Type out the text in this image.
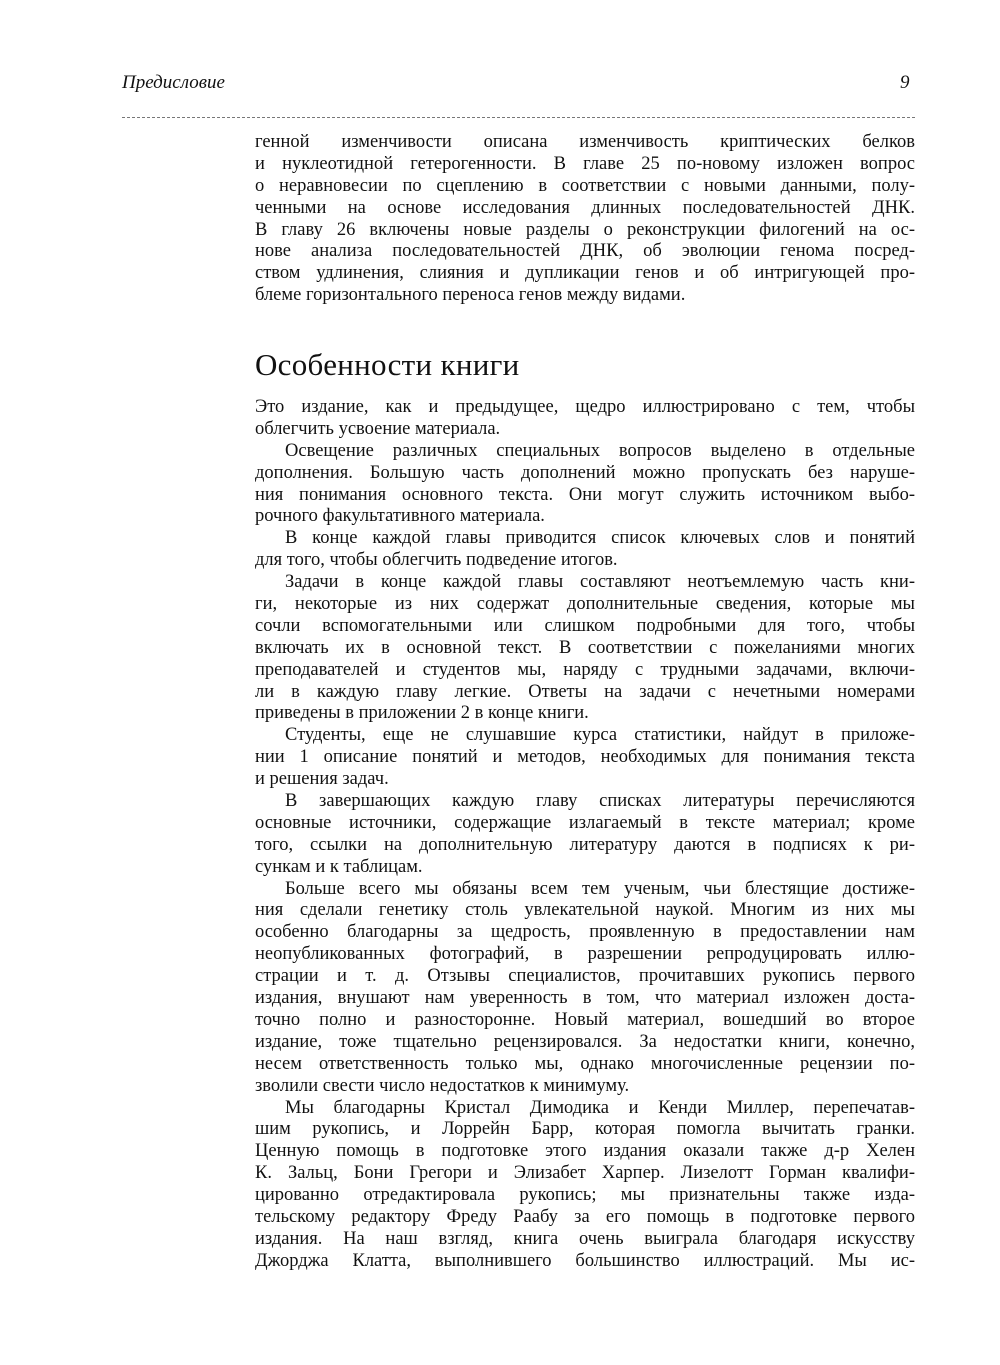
Предисловие	9
генной изменчивости описана изменчивость криптических белков
и нуклеотидной гетерогенности. В главе 25 по-новому изложен вопрос
о неравновесии по сцеплению в соответствии с новыми данными, полу-
ченными на основе исследования длинных последовательностей ДНК.
В главу 26 включены новые разделы о реконструкции филогений на ос-
нове анализа последовательностей ДНК, об эволюции генома посред-
ством удлинения, слияния и дупликации генов и об интригующей про-
блеме горизонтального переноса генов между видами.
Особенности книги
Это издание, как и предыдущее, щедро иллюстрировано с тем, чтобы
облегчить усвоение материала.
Освещение различных специальных вопросов выделено в отдельные
дополнения. Большую часть дополнений можно пропускать без наруше-
ния понимания основного текста. Они могут служить источником выбо-
рочного факультативного материала.
В конце каждой главы приводится список ключевых слов и понятий
для того, чтобы облегчить подведение итогов.
Задачи в конце каждой главы составляют неотъемлемую часть кни-
ги, некоторые из них содержат дополнительные сведения, которые мы
сочли вспомогательными или слишком подробными для того, чтобы
включать их в основной текст. В соответствии с пожеланиями многих
преподавателей и студентов мы, наряду с трудными задачами, включи-
ли в каждую главу легкие. Ответы на задачи с нечетными номерами
приведены в приложении 2 в конце книги.
Студенты, еще не слушавшие курса статистики, найдут в приложе-
нии 1 описание понятий и методов, необходимых для понимания текста
и решения задач.
В завершающих каждую главу списках литературы перечисляются
основные источники, содержащие излагаемый в тексте материал; кроме
того, ссылки на дополнительную литературу даются в подписях к ри-
сункам и к таблицам.
Больше всего мы обязаны всем тем ученым, чьи блестящие достиже-
ния сделали генетику столь увлекательной наукой. Многим из них мы
особенно благодарны за щедрость, проявленную в предоставлении нам
неопубликованных фотографий, в разрешении репродуцировать иллю-
страции и т. д. Отзывы специалистов, прочитавших рукопись первого
издания, внушают нам уверенность в том, что материал изложен доста-
точно полно и разносторонне. Новый материал, вошедший во второе
издание, тоже тщательно рецензировался. За недостатки книги, конечно,
несем ответственность только мы, однако многочисленные рецензии по-
зволили свести число недостатков к минимуму.
Мы благодарны Кристал Димодика и Кенди Миллер, перепечатав-
шим рукопись, и Лоррейн Барр, которая помогла вычитать гранки.
Ценную помощь в подготовке этого издания оказали также д-р Хелен
К. Зальц, Бони Грегори и Элизабет Харпер. Лизелотт Горман квалифи-
цированно отредактировала рукопись; мы признательны также изда-
тельскому редактору Фреду Раабу за его помощь в подготовке первого
издания. На наш взгляд, книга очень выиграла благодаря искусству
Джорджа Клатта, выполнившего большинство иллюстраций. Мы ис-
